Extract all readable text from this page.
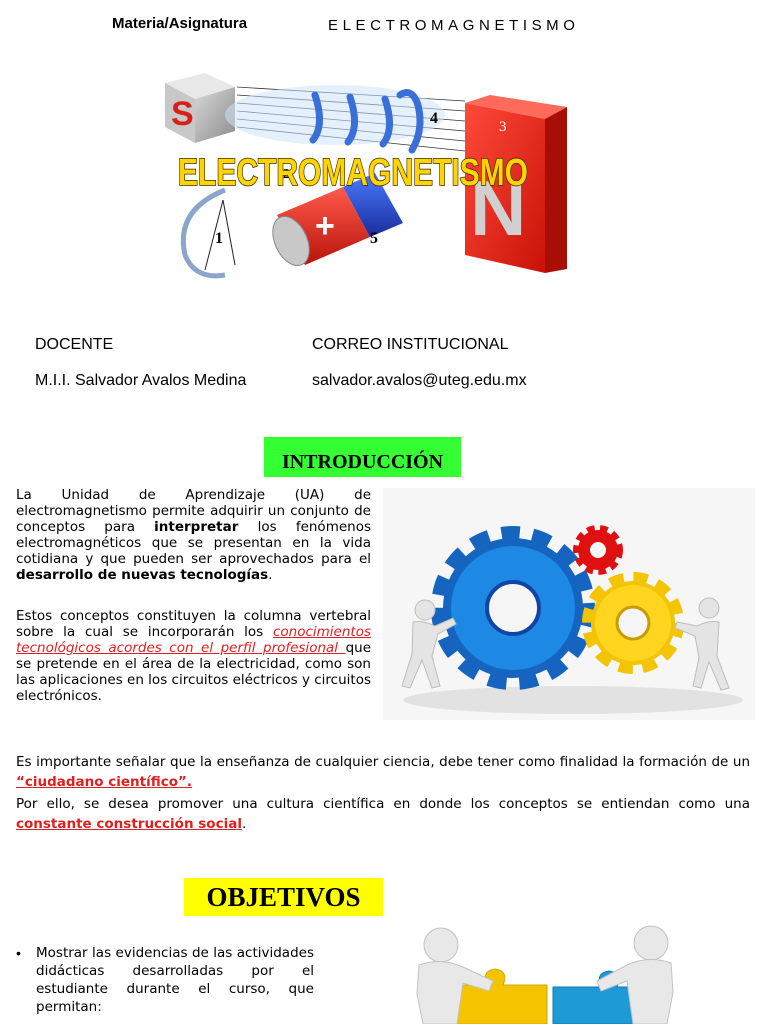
Materia/Asignatura	ELECTROMAGNETISMO
S	4	3
N
1	+ 5
2
ELECTROMAGNETISMO
DOCENTE	CORREO INSTITUCIONAL
M.I.I. Salvador Avalos Medina	salvador.avalos@uteg.edu.mx
INTRODUCCIÓN
La Unidad de Aprendizaje (UA) de electromagnetismo permite adquirir un conjunto de conceptos para interpretar los fenómenos electromagnéticos que se presentan en la vida cotidiana y que pueden ser aprovechados para el desarrollo de nuevas tecnologías.
Estos conceptos constituyen la columna vertebral sobre la cual se incorporarán los conocimientos tecnológicos acordes con el perfil profesional que se pretende en el área de la electricidad, como son las aplicaciones en los circuitos eléctricos y circuitos electrónicos.
Es importante señalar que la enseñanza de cualquier ciencia, debe tener como finalidad la formación de un “ciudadano científico”.
Por ello, se desea promover una cultura científica en donde los conceptos se entiendan como una constante construcción social.
OBJETIVOS
•	Mostrar las evidencias de las actividades didácticas desarrolladas por el estudiante durante el curso, que permitan:
